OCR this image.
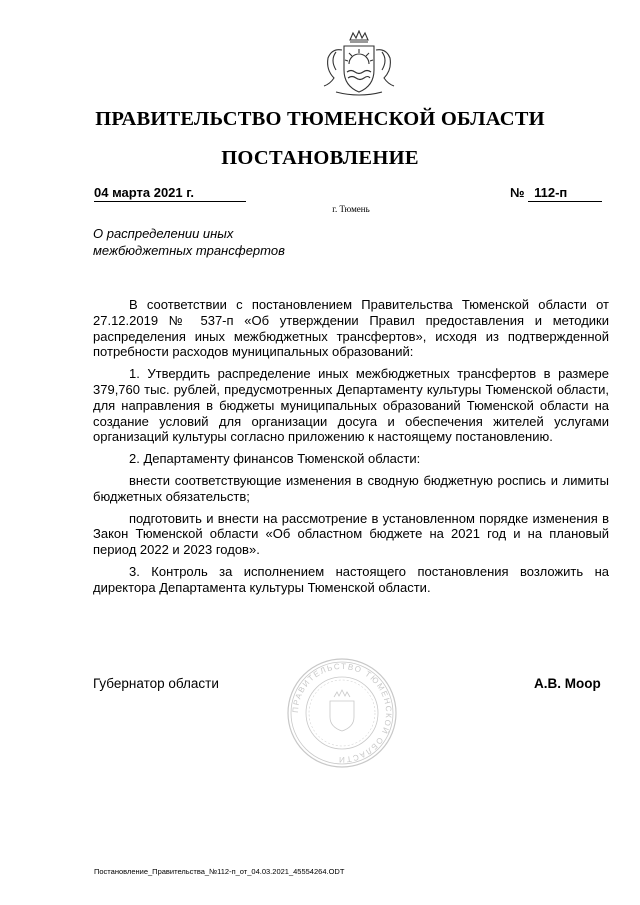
ПРАВИТЕЛЬСТВО ТЮМЕНСКОЙ ОБЛАСТИ
ПОСТАНОВЛЕНИЕ
04 марта 2021 г.	№ 112-п
г. Тюмень
О распределении иных
межбюджетных трансфертов

В соответствии с постановлением Правительства Тюменской области от 27.12.2019 № 537-п «Об утверждении Правил предоставления и методики распределения иных межбюджетных трансфертов», исходя из подтвержденной потребности расходов муниципальных образований:

1. Утвердить распределение иных межбюджетных трансфертов в размере 379,760 тыс. рублей, предусмотренных Департаменту культуры Тюменской области, для направления в бюджеты муниципальных образований Тюменской области на создание условий для организации досуга и обеспечения жителей услугами организаций культуры согласно приложению к настоящему постановлению.

2. Департаменту финансов Тюменской области:

внести соответствующие изменения в сводную бюджетную роспись и лимиты бюджетных обязательств;

подготовить и внести на рассмотрение в установленном порядке изменения в Закон Тюменской области «Об областном бюджете на 2021 год и на плановый период 2022 и 2023 годов».

3. Контроль за исполнением настоящего постановления возложить на директора Департамента культуры Тюменской области.

Губернатор области
ПРАВИТЕЛЬСТВО ТЮМЕНСКОЙ ОБЛАСТИ
А.В. Моор
Постановление_Правительства_№112-п_от_04.03.2021_45554264.ODT
